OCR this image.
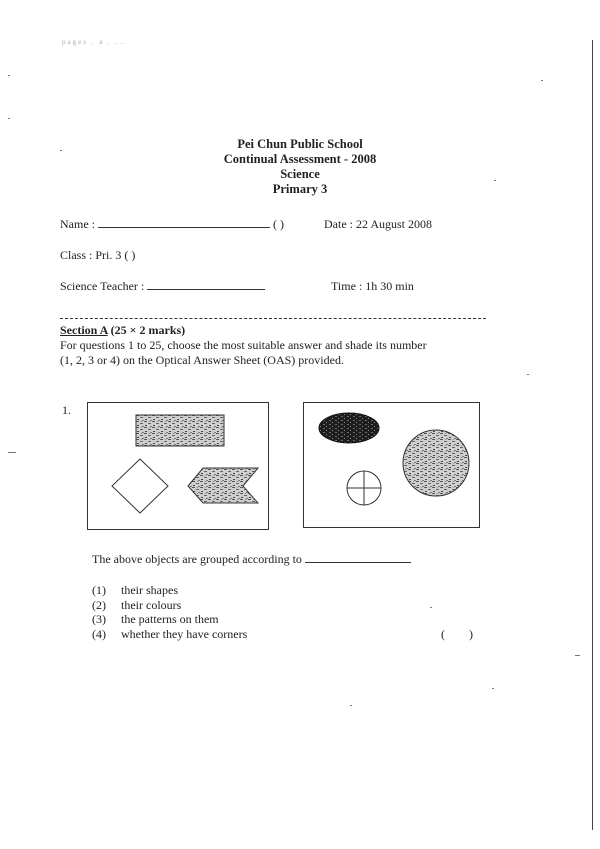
pages . a . ...
Pei Chun Public School
Continual Assessment - 2008
Science
Primary 3
Name :	( )	Date : 22 August 2008
Class : Pri. 3 ( )
Science Teacher :	Time : 1h 30 min
Section A (25 × 2 marks)
For questions 1 to 25, choose the most suitable answer and shade its number
(1, 2, 3 or 4) on the Optical Answer Sheet (OAS) provided.
1.
The above objects are grouped according to
(1) their shapes
(2) their colours
(3) the patterns on them
(4) whether they have corners	(        )
